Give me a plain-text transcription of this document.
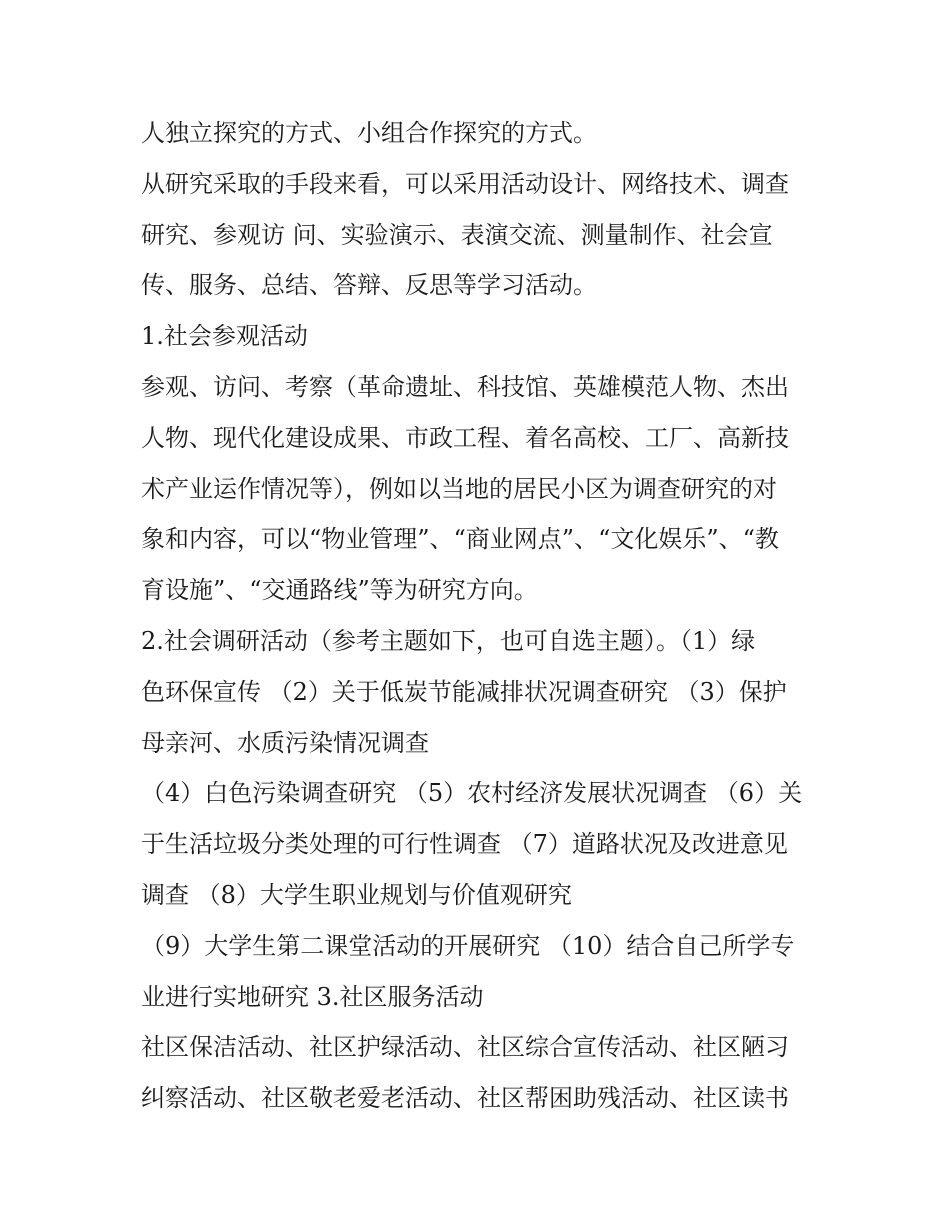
人独立探究的方式、小组合作探究的方式。
从研究采取的手段来看，可以采用活动设计、网络技术、调查
研究、参观访 问、实验演示、表演交流、测量制作、社会宣
传、服务、总结、答辩、反思等学习活动。
1.社会参观活动
参观、访问、考察（革命遗址、科技馆、英雄模范人物、杰出
人物、现代化建设成果、市政工程、着名高校、工厂、高新技
术产业运作情况等），例如以当地的居民小区为调查研究的对
象和内容，可以“物业管理”、“商业网点”、“文化娱乐”、“教
育设施”、“交通路线”等为研究方向。
2.社会调研活动（参考主题如下，也可自选主题）。（1）绿
色环保宣传 （2）关于低炭节能减排状况调查研究 （3）保护
母亲河、水质污染情况调查
（4）白色污染调查研究 （5）农村经济发展状况调查 （6）关
于生活垃圾分类处理的可行性调查 （7）道路状况及改进意见
调查 （8）大学生职业规划与价值观研究
（9）大学生第二课堂活动的开展研究 （10）结合自己所学专
业进行实地研究 3.社区服务活动
社区保洁活动、社区护绿活动、社区综合宣传活动、社区陋习
纠察活动、社区敬老爱老活动、社区帮困助残活动、社区读书
